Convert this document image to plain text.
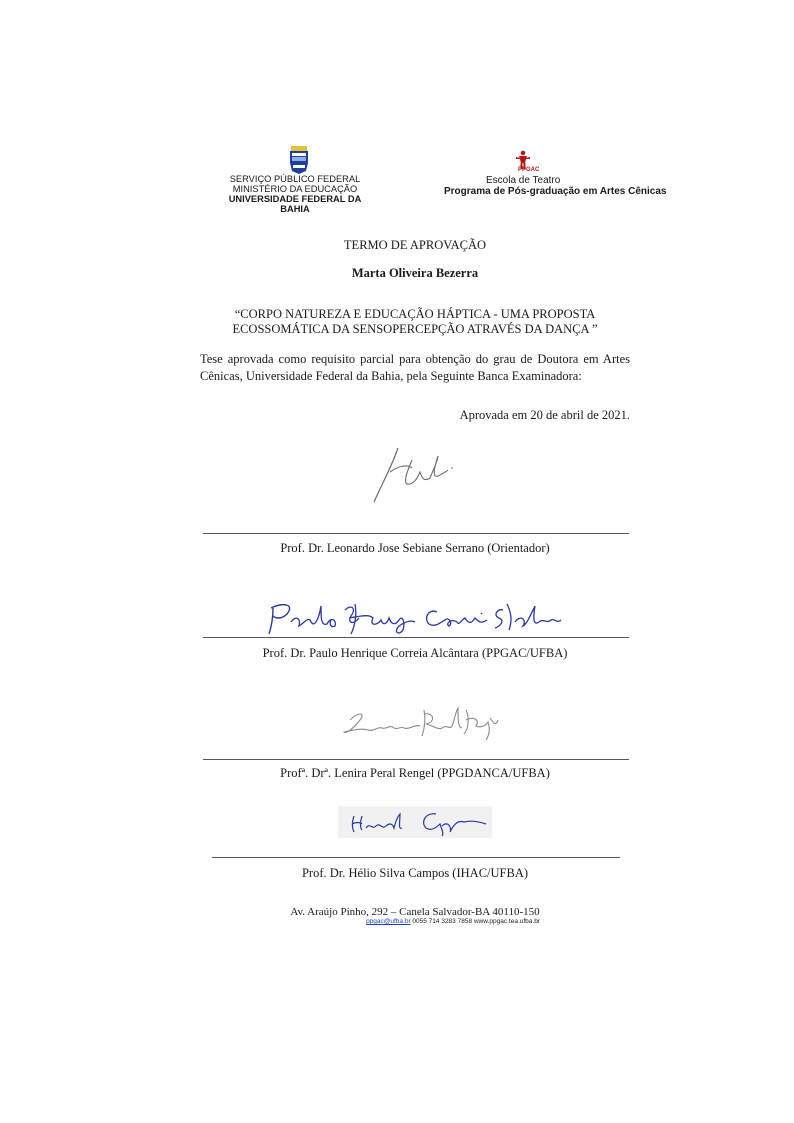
SERVIÇO PÚBLICO FEDERAL
MINISTÉRIO DA EDUCAÇÃO
UNIVERSIDADE FEDERAL DA BAHIA
PPGAC
Escola de Teatro
Programa de Pós-graduação em Artes Cênicas
TERMO DE APROVAÇÃO
Marta Oliveira Bezerra
“CORPO NATUREZA E EDUCAÇÃO HÁPTICA - UMA PROPOSTA
ECOSSOMÁTICA DA SENSOPERCEPÇÃO ATRAVÉS DA DANÇA ”
Tese aprovada como requisito parcial para obtenção do grau de Doutora em Artes Cênicas, Universidade Federal da Bahia, pela Seguinte Banca Examinadora:
Aprovada em 20 de abril de 2021.
Prof. Dr. Leonardo Jose Sebiane Serrano (Orientador)
Prof. Dr. Paulo Henrique Correia Alcântara (PPGAC/UFBA)
Profª. Drª. Lenira Peral Rengel (PPGDANCA/UFBA)
Prof. Dr. Hélio Silva Campos (IHAC/UFBA)
Av. Araújo Pinho, 292 – Canela Salvador-BA 40110-150
ppgac@ufba.br 0055 714 3283 7858 www.ppgac.tea.ufba.br
